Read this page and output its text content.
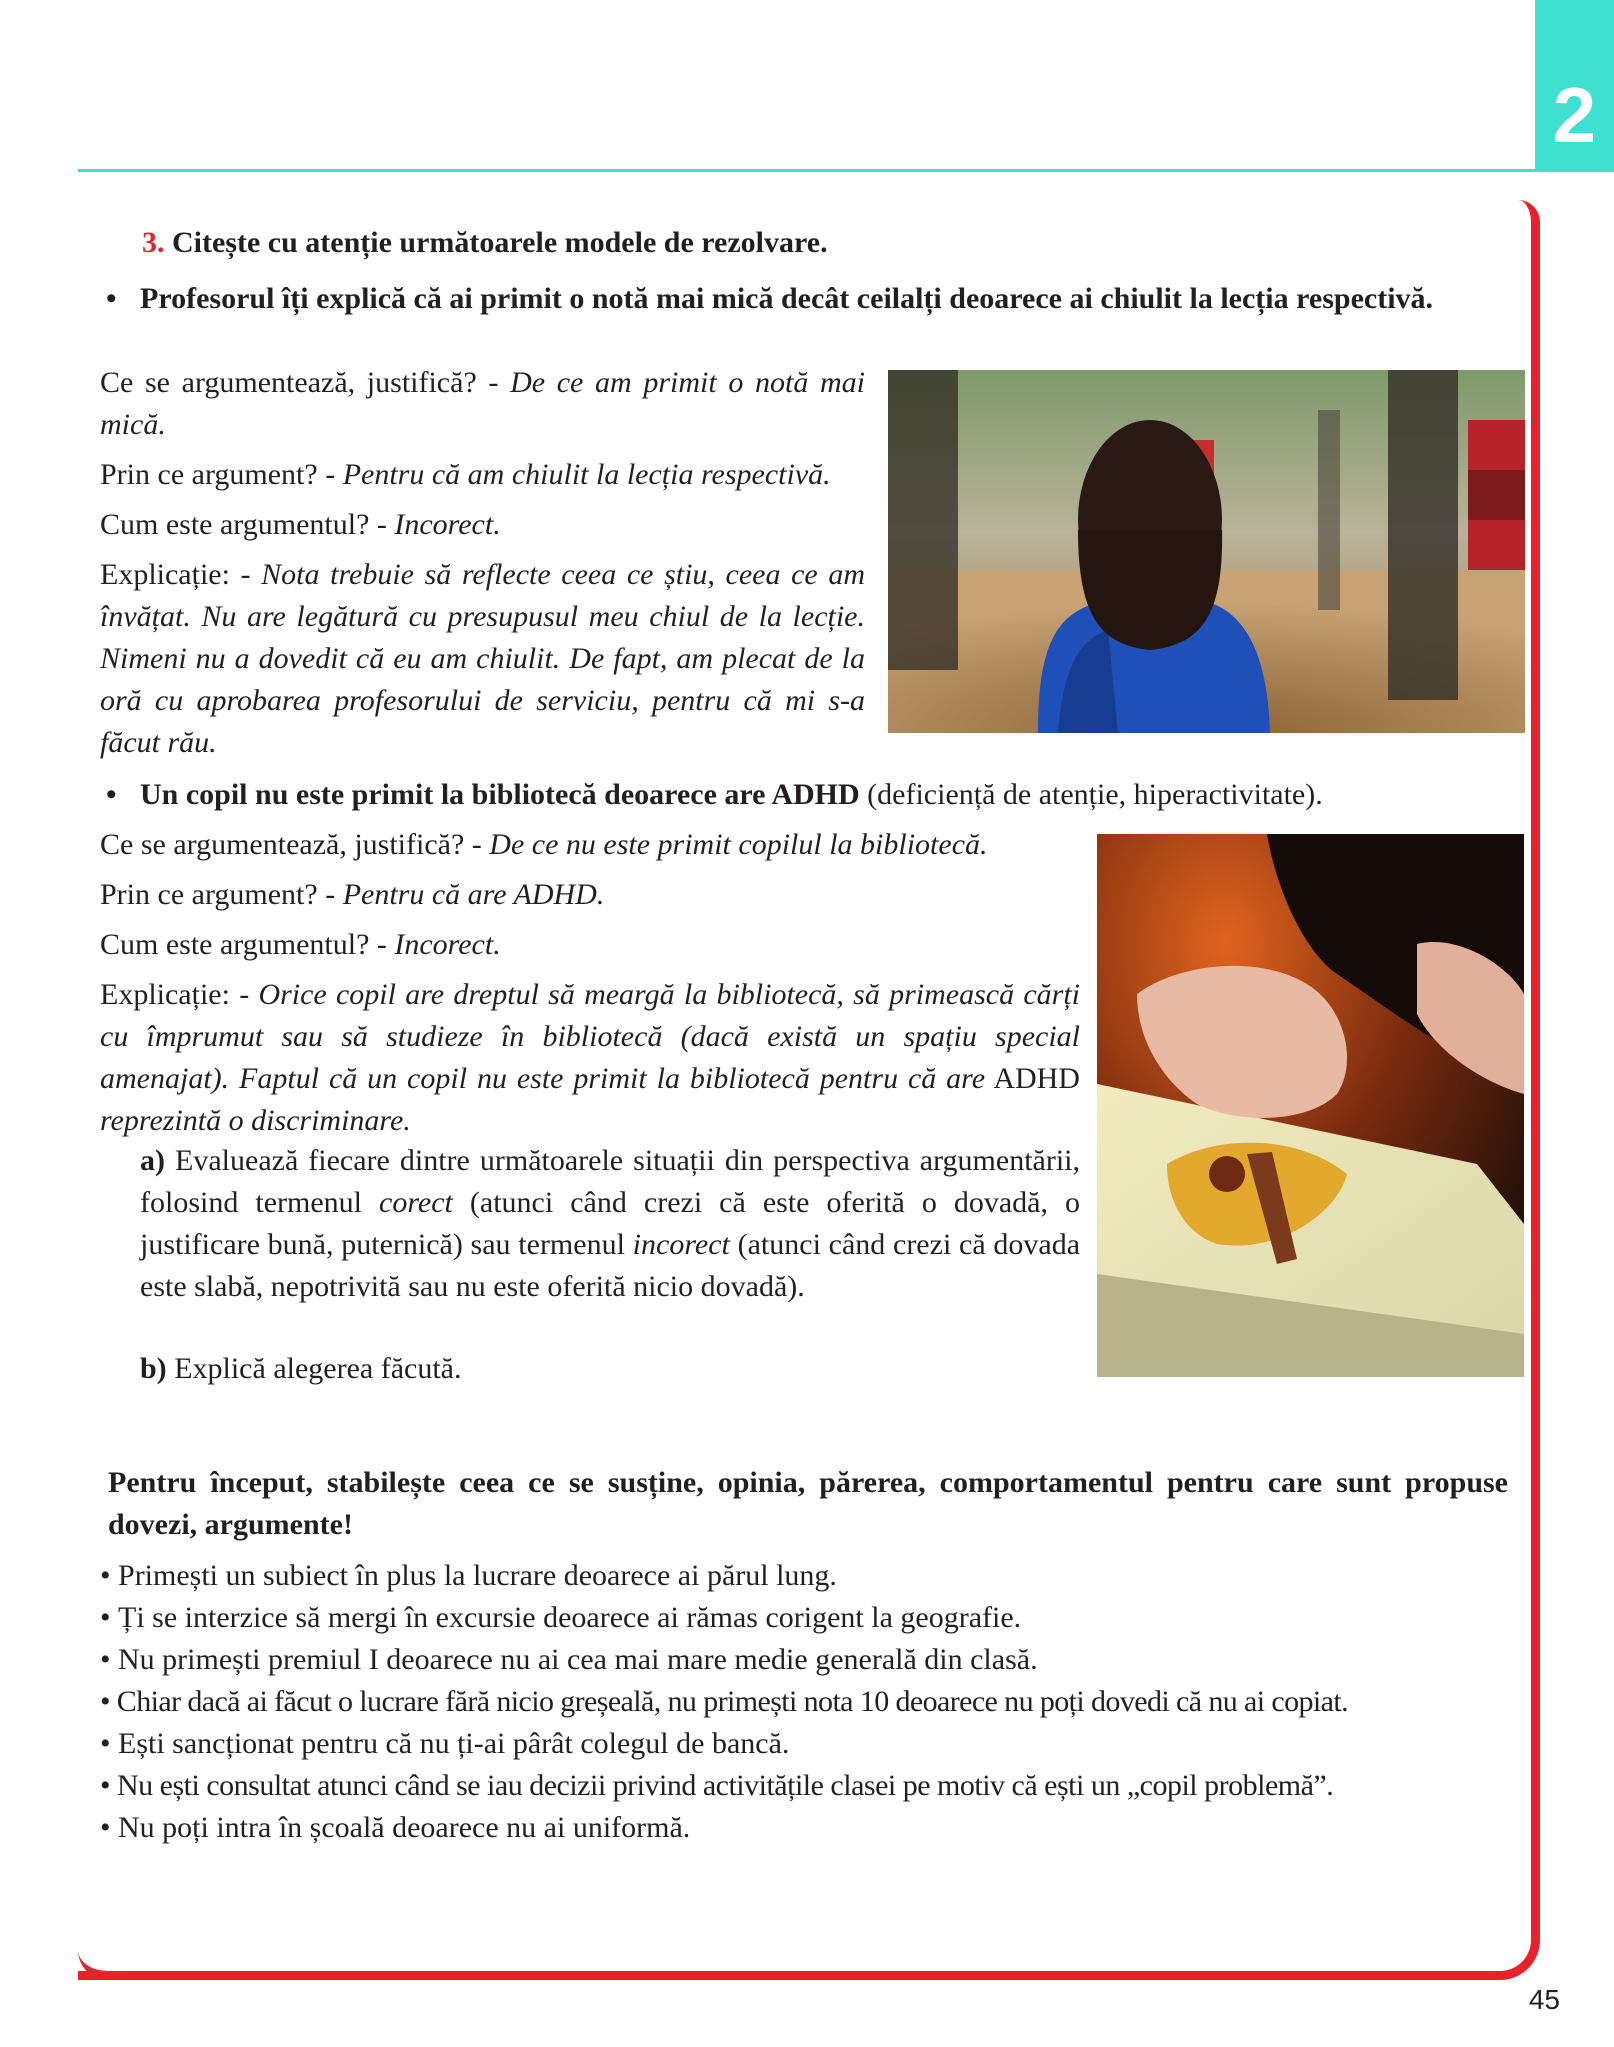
2

3. Citește cu atenție următoarele modele de rezolvare.

• Profesorul îți explică că ai primit o notă mai mică decât ceilalți deoarece ai chiulit la lecția respectivă.

Ce se argumentează, justifică? - De ce am primit o notă mai mică.

Prin ce argument? - Pentru că am chiulit la lecția respectivă.

Cum este argumentul? - Incorect.

Explicație: - Nota trebuie să reflecte ceea ce știu, ceea ce am învățat. Nu are legătură cu presupusul meu chiul de la lecție. Nimeni nu a dovedit că eu am chiulit. De fapt, am plecat de la oră cu aprobarea profesorului de serviciu, pentru că mi s-a făcut rău.

• Un copil nu este primit la bibliotecă deoarece are ADHD (deficiență de atenție, hiperactivitate).

Ce se argumentează, justifică? - De ce nu este primit copilul la bibliotecă.

Prin ce argument? - Pentru că are ADHD.

Cum este argumentul? - Incorect.

Explicație: - Orice copil are dreptul să meargă la bibliotecă, să primească cărți cu împrumut sau să studieze în bibliotecă (dacă există un spațiu special amenajat). Faptul că un copil nu este primit la bibliotecă pentru că are ADHD reprezintă o discriminare.

a) Evaluează fiecare dintre următoarele situații din perspectiva argumentării, folosind termenul corect (atunci când crezi că este oferită o dovadă, o justificare bună, puternică) sau termenul incorect (atunci când crezi că dovada este slabă, nepotrivită sau nu este oferită nicio dovadă).
b) Explică alegerea făcută.

Pentru început, stabilește ceea ce se susține, opinia, părerea, comportamentul pentru care sunt propuse dovezi, argumente!

• Primești un subiect în plus la lucrare deoarece ai părul lung.

• Ți se interzice să mergi în excursie deoarece ai rămas corigent la geografie.

• Nu primești premiul I deoarece nu ai cea mai mare medie generală din clasă.

• Chiar dacă ai făcut o lucrare fără nicio greșeală, nu primești nota 10 deoarece nu poți dovedi că nu ai copiat.

• Ești sancționat pentru că nu ți-ai pârât colegul de bancă.

• Nu ești consultat atunci când se iau decizii privind activitățile clasei pe motiv că ești un „copil problemă”.

• Nu poți intra în școală deoarece nu ai uniformă.

45
